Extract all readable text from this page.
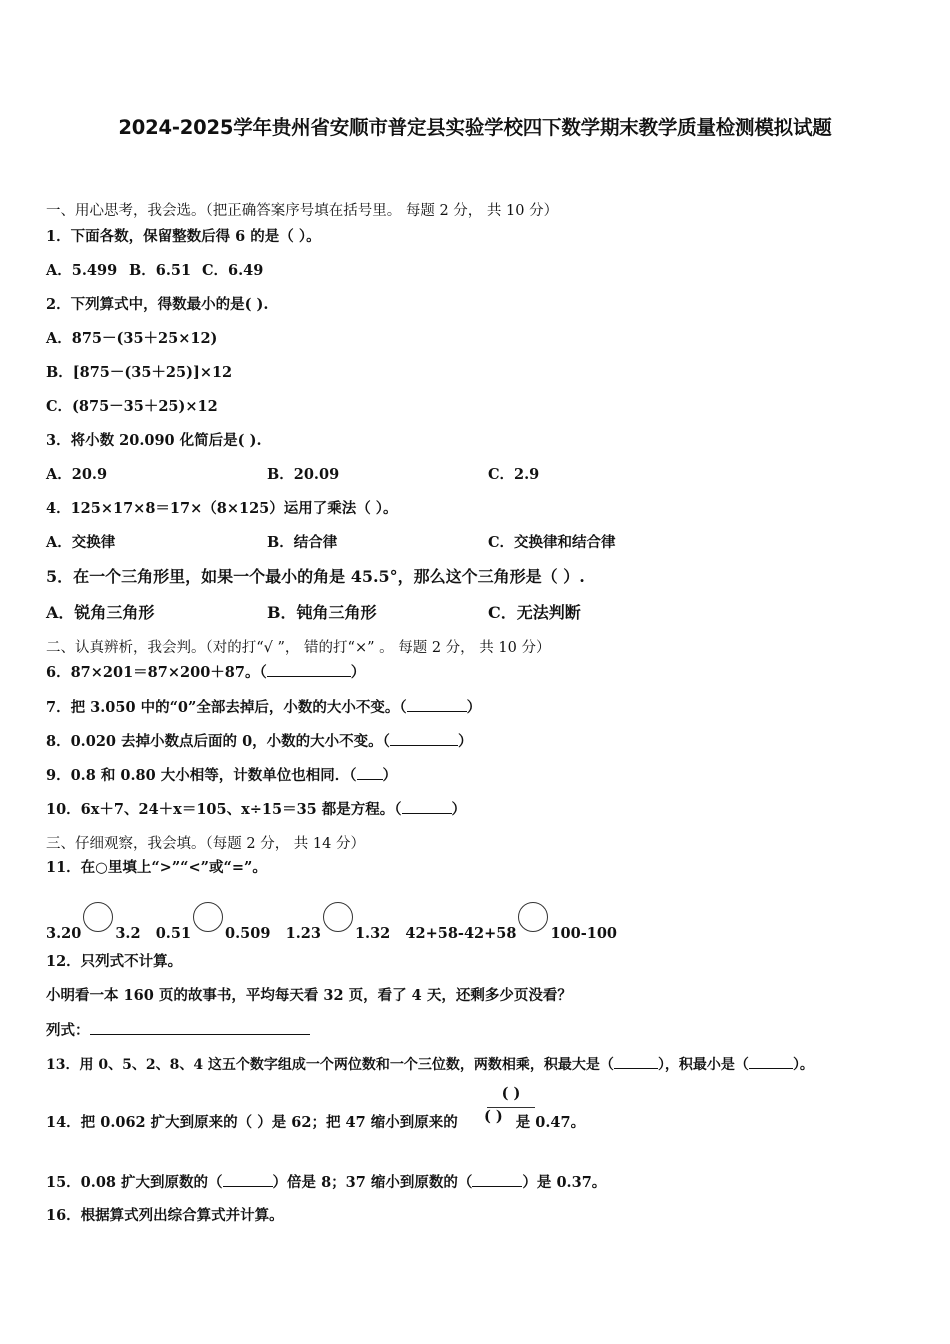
2024-2025学年贵州省安顺市普定县实验学校四下数学期末教学质量检测模拟试题
一、用心思考，我会选。（把正确答案序号填在括号里。 每题 2 分， 共 10 分）
1．下面各数，保留整数后得 6 的是（ ）。
A．5.499 B．6.51 C．6.49
2．下列算式中，得数最小的是( ).
A．875－(35＋25×12)
B．[875－(35＋25)]×12
C．(875－35＋25)×12
3．将小数 20.090 化简后是( ).
A．20.9	B．20.09	C．2.9
4．125×17×8＝17×（8×125）运用了乘法（ ）。
A．交换律	B．结合律	C．交换律和结合律
5．在一个三角形里，如果一个最小的角是 45.5°，那么这个三角形是（ ）.
A．锐角三角形	B．钝角三角形	C．无法判断
二、认真辨析，我会判。（对的打“√ ”， 错的打“×” 。 每题 2 分， 共 10 分）
6．87×201＝87×200＋87。（	）
7．把 3.050 中的“0”全部去掉后，小数的大小不变。（	）
8．0.020 去掉小数点后面的 0，小数的大小不变。（	）
9．0.8 和 0.80 大小相等，计数单位也相同．（ ）
10．6x＋7、24＋x＝105、x÷15＝35 都是方程。（	）
三、仔细观察，我会填。（每题 2 分， 共 14 分）
11．在○里填上“>”“<”或“=”。
3.20 3.2 0.51 0.509 1.23 1.32 42+58-42+58 100-100
12．只列式不计算。
小明看一本 160 页的故事书，平均每天看 32 页，看了 4 天，还剩多少页没看？
列式：
13．用 0、5、2、8、4 这五个数字组成一个两位数和一个三位数，两数相乘，积最大是（	），积最小是（	）。
14．把 0.062 扩大到原来的（ ）是 62；把 47 缩小到原来的	是 0.47。
( )
( )
15．0.08 扩大到原数的（	）倍是 8；37 缩小到原数的（	）是 0.37。
16．根据算式列出综合算式并计算。
